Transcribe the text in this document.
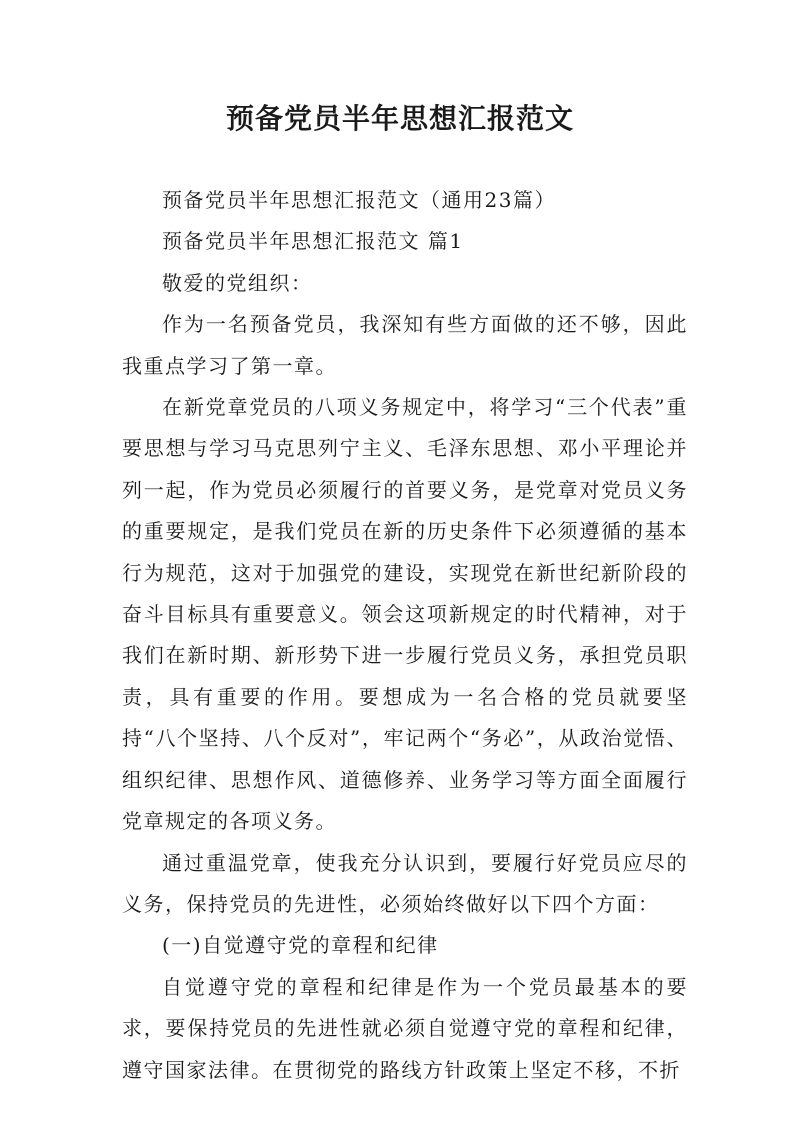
预备党员半年思想汇报范文

预备党员半年思想汇报范文（通用23篇）

预备党员半年思想汇报范文 篇1

敬爱的党组织：

作为一名预备党员，我深知有些方面做的还不够，因此我重点学习了第一章。

在新党章党员的八项义务规定中，将学习“三个代表”重要思想与学习马克思列宁主义、毛泽东思想、邓小平理论并列一起，作为党员必须履行的首要义务，是党章对党员义务的重要规定，是我们党员在新的历史条件下必须遵循的基本行为规范，这对于加强党的建设，实现党在新世纪新阶段的奋斗目标具有重要意义。领会这项新规定的时代精神，对于我们在新时期、新形势下进一步履行党员义务，承担党员职责，具有重要的作用。要想成为一名合格的党员就要坚持“八个坚持、八个反对”，牢记两个“务必”，从政治觉悟、组织纪律、思想作风、道德修养、业务学习等方面全面履行党章规定的各项义务。

通过重温党章，使我充分认识到，要履行好党员应尽的义务，保持党员的先进性，必须始终做好以下四个方面：

(一)自觉遵守党的章程和纪律

自觉遵守党的章程和纪律是作为一个党员最基本的要求，要保持党员的先进性就必须自觉遵守党的章程和纪律，遵守国家法律。在贯彻党的路线方针政策上坚定不移，不折
